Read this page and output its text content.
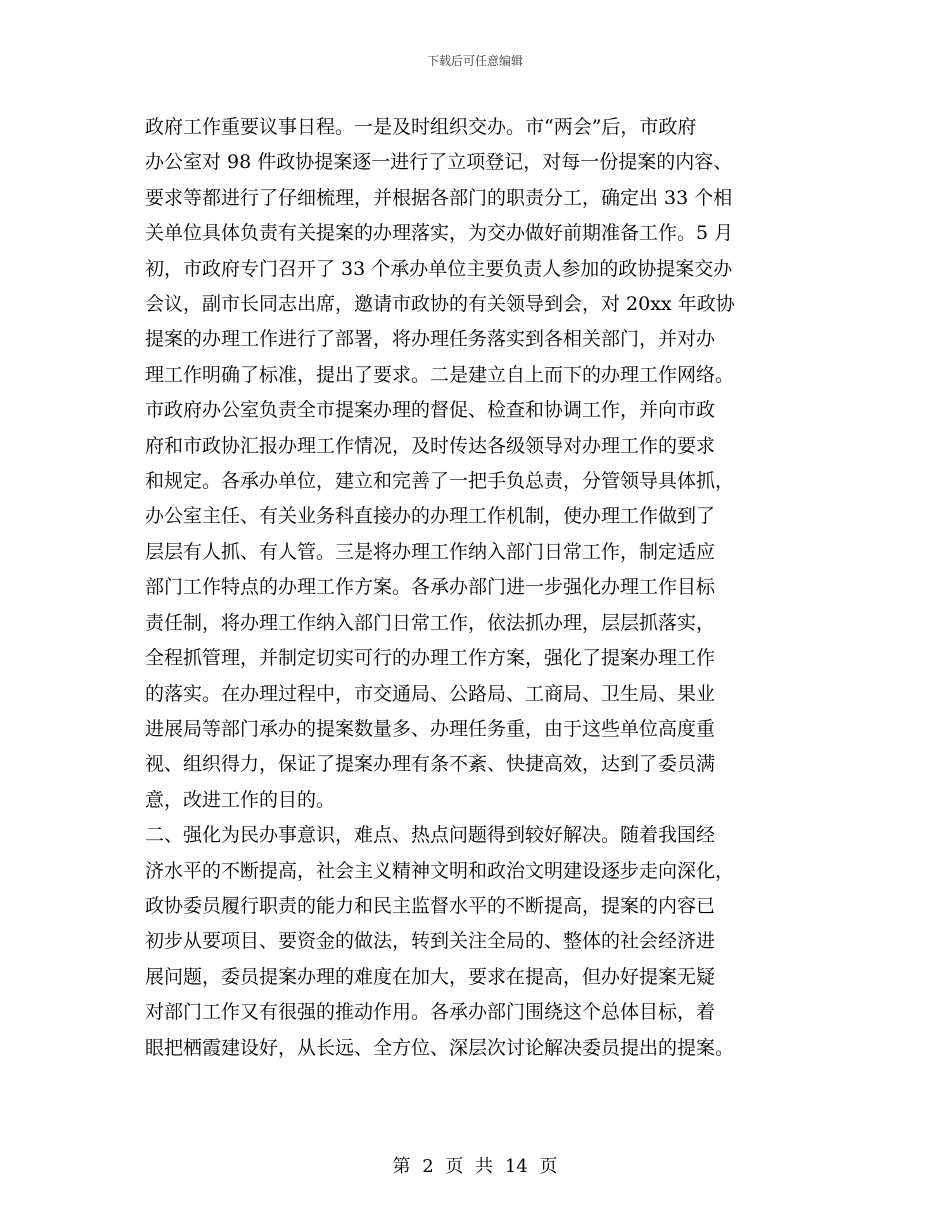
下载后可任意编辑
政府工作重要议事日程。一是及时组织交办。市“两会”后，市政府
办公室对 98 件政协提案逐一进行了立项登记，对每一份提案的内容、
要求等都进行了仔细梳理，并根据各部门的职责分工，确定出 33 个相
关单位具体负责有关提案的办理落实，为交办做好前期准备工作。5 月
初，市政府专门召开了 33 个承办单位主要负责人参加的政协提案交办
会议，副市长同志出席，邀请市政协的有关领导到会，对 20xx 年政协
提案的办理工作进行了部署，将办理任务落实到各相关部门，并对办
理工作明确了标准，提出了要求。二是建立自上而下的办理工作网络。
市政府办公室负责全市提案办理的督促、检查和协调工作，并向市政
府和市政协汇报办理工作情况，及时传达各级领导对办理工作的要求
和规定。各承办单位，建立和完善了一把手负总责，分管领导具体抓，
办公室主任、有关业务科直接办的办理工作机制，使办理工作做到了
层层有人抓、有人管。三是将办理工作纳入部门日常工作，制定适应
部门工作特点的办理工作方案。各承办部门进一步强化办理工作目标
责任制，将办理工作纳入部门日常工作，依法抓办理，层层抓落实，
全程抓管理，并制定切实可行的办理工作方案，强化了提案办理工作
的落实。在办理过程中，市交通局、公路局、工商局、卫生局、果业
进展局等部门承办的提案数量多、办理任务重，由于这些单位高度重
视、组织得力，保证了提案办理有条不紊、快捷高效，达到了委员满
意，改进工作的目的。
二、强化为民办事意识，难点、热点问题得到较好解决。随着我国经
济水平的不断提高，社会主义精神文明和政治文明建设逐步走向深化，
政协委员履行职责的能力和民主监督水平的不断提高，提案的内容已
初步从要项目、要资金的做法，转到关注全局的、整体的社会经济进
展问题，委员提案办理的难度在加大，要求在提高，但办好提案无疑
对部门工作又有很强的推动作用。各承办部门围绕这个总体目标，着
眼把栖霞建设好，从长远、全方位、深层次讨论解决委员提出的提案。
第 2 页 共 14 页
